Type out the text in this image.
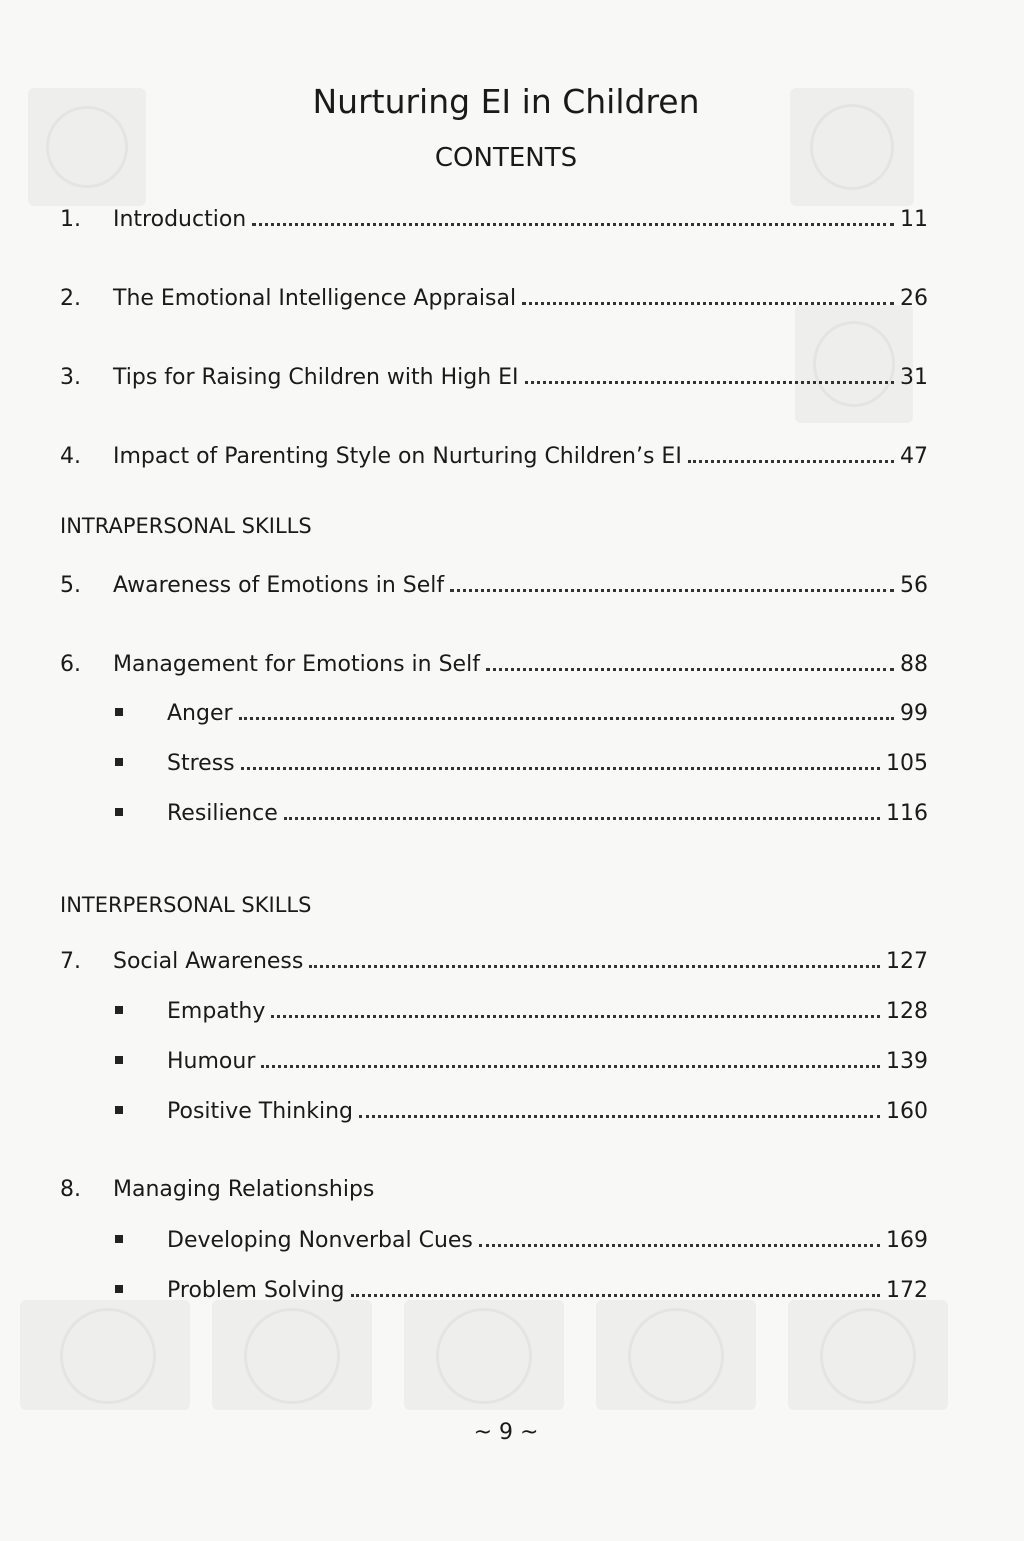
Nurturing EI in Children
CONTENTS
1.	Introduction	11
2.	The Emotional Intelligence Appraisal	26
3.	Tips for Raising Children with High EI	31
4.	Impact of Parenting Style on Nurturing Children’s EI	47
INTRAPERSONAL SKILLS
5.	Awareness of Emotions in Self	56
6.	Management for Emotions in Self	88
Anger	99
Stress	105
Resilience	116
INTERPERSONAL SKILLS
7.	Social Awareness	127
Empathy	128
Humour	139
Positive Thinking	160
8.	Managing Relationships
Developing Nonverbal Cues	169
Problem Solving	172
~ 9 ~
